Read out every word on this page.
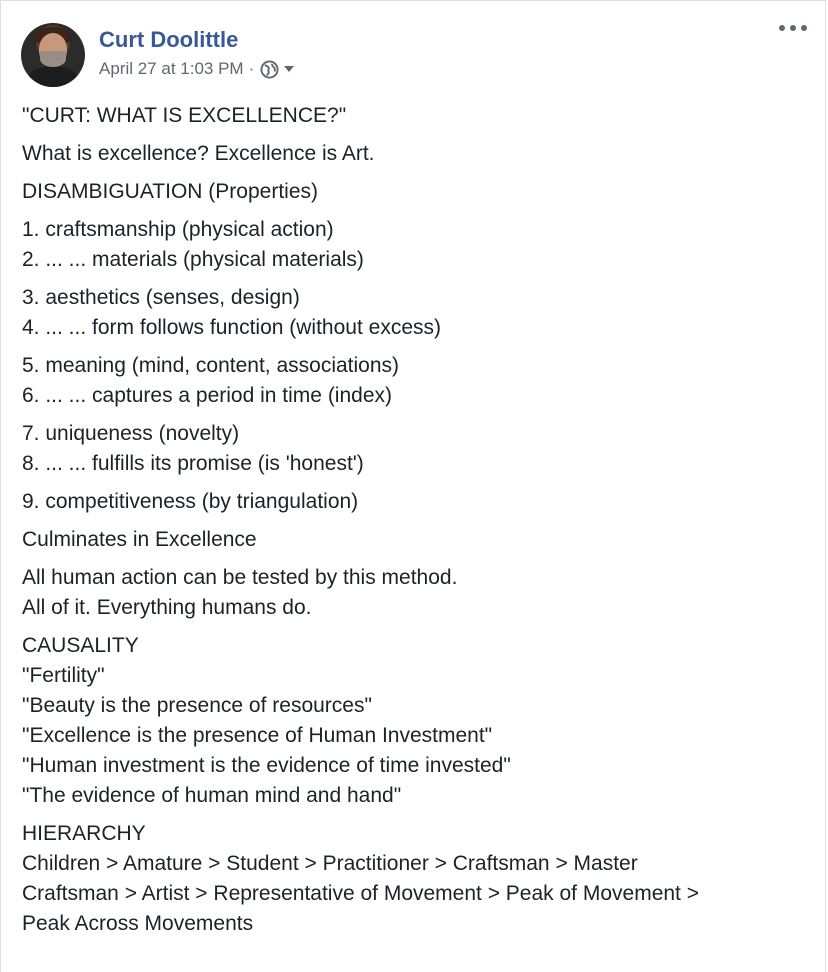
Curt Doolittle
April 27 at 1:03 PM ·
"CURT: WHAT IS EXCELLENCE?"
What is excellence? Excellence is Art.
DISAMBIGUATION (Properties)
1. craftsmanship (physical action)
2. ... ... materials (physical materials)
3. aesthetics (senses, design)
4. ... ... form follows function (without excess)
5. meaning (mind, content, associations)
6. ... ... captures a period in time (index)
7. uniqueness (novelty)
8. ... ... fulfills its promise (is 'honest')
9. competitiveness (by triangulation)
Culminates in Excellence
All human action can be tested by this method.
All of it. Everything humans do.
CAUSALITY
"Fertility"
"Beauty is the presence of resources"
"Excellence is the presence of Human Investment"
"Human investment is the evidence of time invested"
"The evidence of human mind and hand"
HIERARCHY
Children > Amature > Student > Practitioner > Craftsman > Master
Craftsman > Artist > Representative of Movement > Peak of Movement >
Peak Across Movements
